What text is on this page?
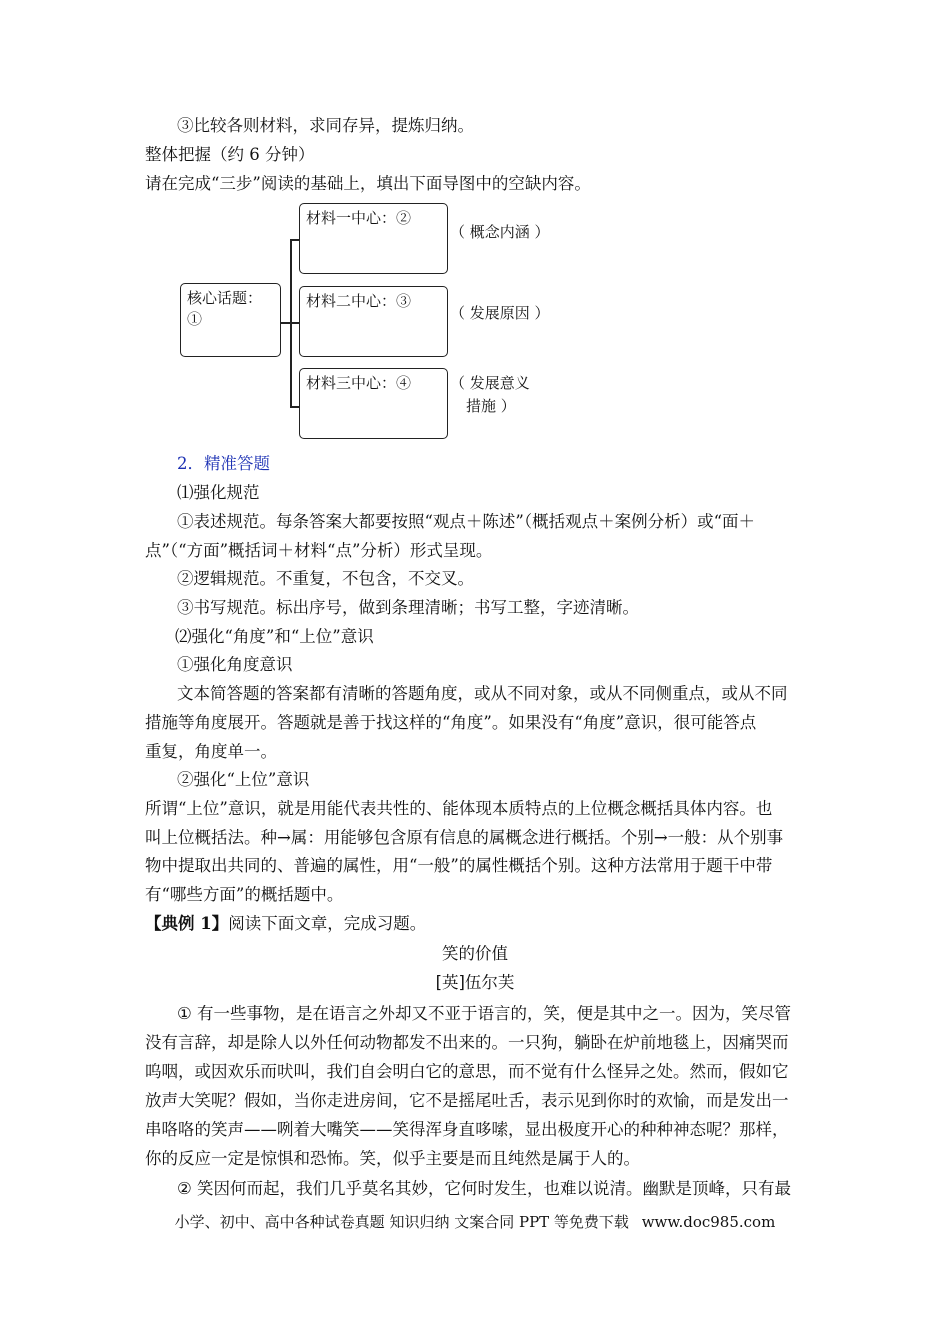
③比较各则材料，求同存异，提炼归纳。
整体把握（约 6 分钟）
请在完成“三步”阅读的基础上，填出下面导图中的空缺内容。
核心话题：①
材料一中心：②
材料二中心：③
材料三中心：④
（ 概念内涵 ）
（ 发展原因 ）
（ 发展意义
措施 ）
2．精准答题
⑴强化规范
①表述规范。每条答案大都要按照“观点＋陈述”（概括观点＋案例分析）或“面＋
点”（“方面”概括词＋材料“点”分析）形式呈现。
②逻辑规范。不重复，不包含，不交叉。
③书写规范。标出序号，做到条理清晰；书写工整，字迹清晰。
⑵强化“角度”和“上位”意识
①强化角度意识
文本简答题的答案都有清晰的答题角度，或从不同对象，或从不同侧重点，或从不同
措施等角度展开。答题就是善于找这样的“角度”。如果没有“角度”意识，很可能答点
重复，角度单一。
②强化“上位”意识
所谓“上位”意识，就是用能代表共性的、能体现本质特点的上位概念概括具体内容。也
叫上位概括法。种→属：用能够包含原有信息的属概念进行概括。个别→一般：从个别事
物中提取出共同的、普遍的属性，用“一般”的属性概括个别。这种方法常用于题干中带
有“哪些方面”的概括题中。
【典例 1】阅读下面文章，完成习题。
笑的价值
[英]伍尔芙
① 有一些事物，是在语言之外却又不亚于语言的，笑，便是其中之一。因为，笑尽管
没有言辞，却是除人以外任何动物都发不出来的。一只狗，躺卧在炉前地毯上，因痛哭而
呜咽，或因欢乐而吠叫，我们自会明白它的意思，而不觉有什么怪异之处。然而，假如它
放声大笑呢？假如，当你走进房间，它不是摇尾吐舌，表示见到你时的欢愉，而是发出一
串咯咯的笑声——咧着大嘴笑——笑得浑身直哆嗦，显出极度开心的种种神态呢？那样，
你的反应一定是惊惧和恐怖。笑，似乎主要是而且纯然是属于人的。
② 笑因何而起，我们几乎莫名其妙，它何时发生，也难以说清。幽默是顶峰，只有最
小学、初中、高中各种试卷真题 知识归纳 文案合同 PPT 等免费下载 www.doc985.com
